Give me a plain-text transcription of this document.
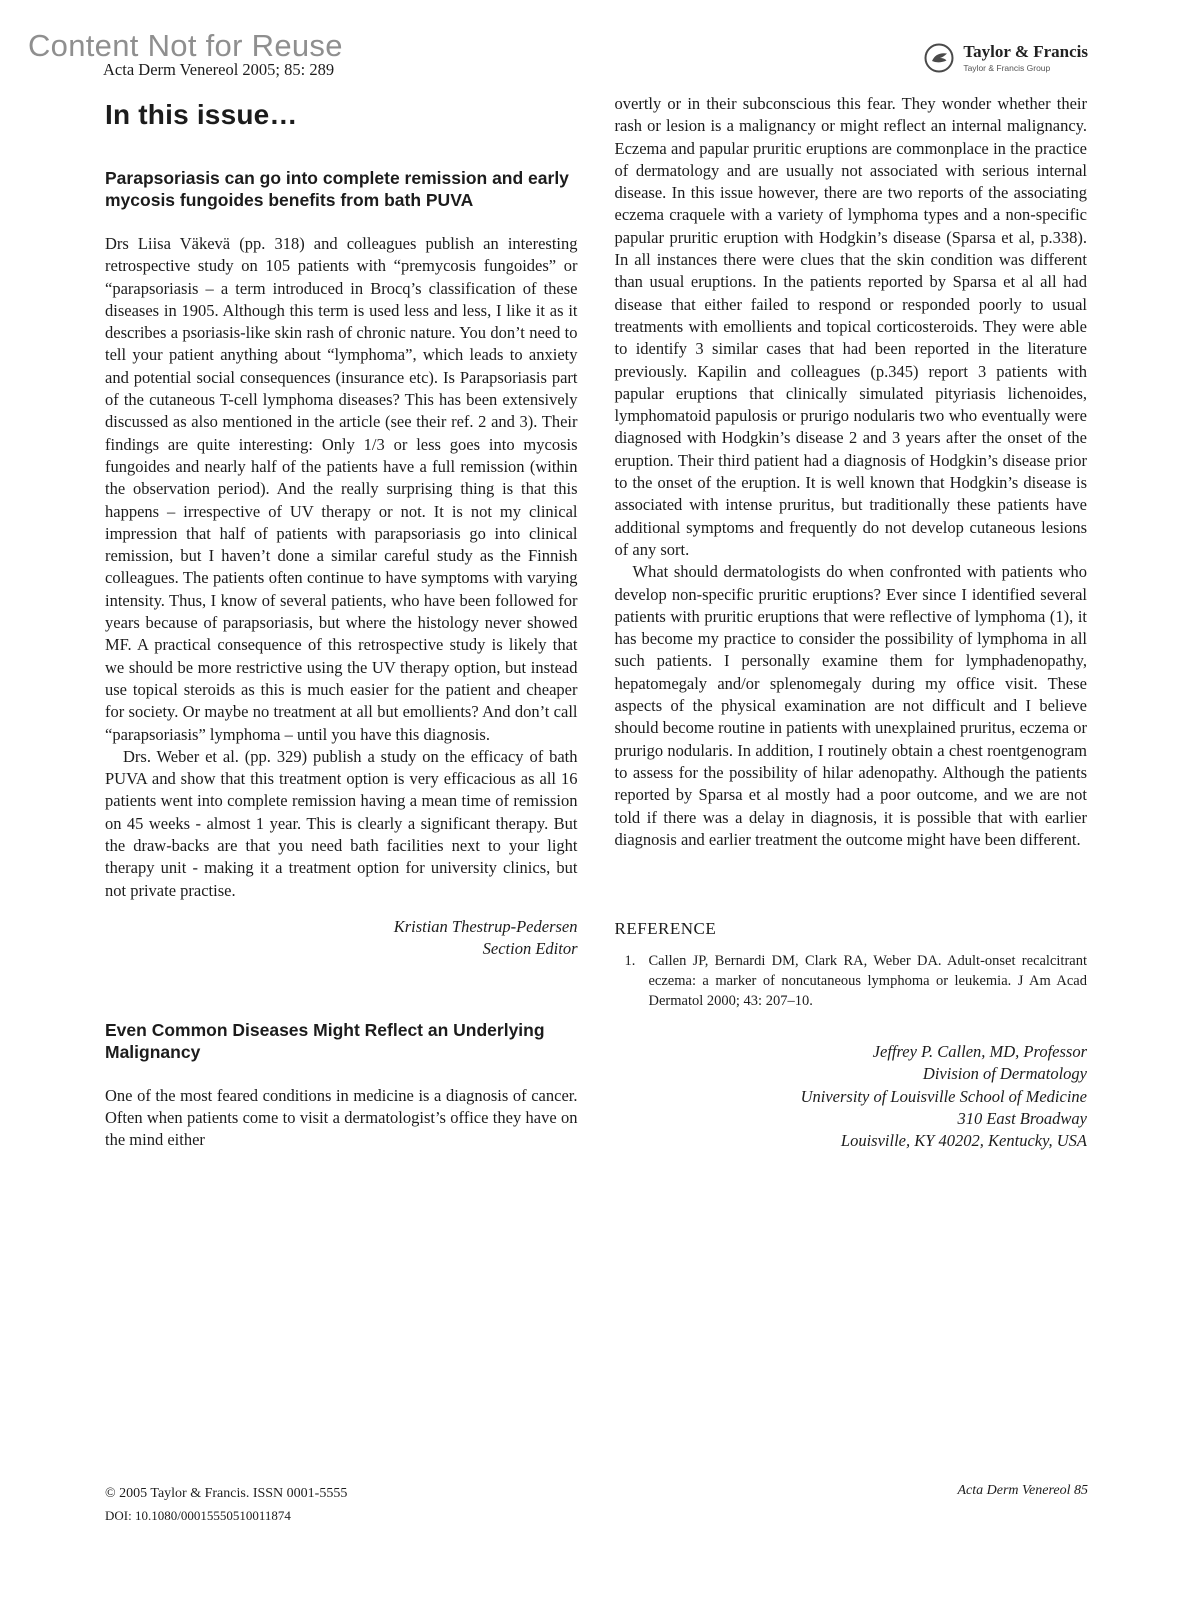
Content Not for Reuse
Acta Derm Venereol 2005; 85: 289
Taylor & Francis
Taylor & Francis Group
In this issue…
Parapsoriasis can go into complete remission and early mycosis fungoides benefits from bath PUVA

Drs Liisa Väkevä (pp. 318) and colleagues publish an interesting retrospective study on 105 patients with “premycosis fungoides” or “parapsoriasis – a term introduced in Brocq’s classification of these diseases in 1905. Although this term is used less and less, I like it as it describes a psoriasis-like skin rash of chronic nature. You don’t need to tell your patient anything about “lymphoma”, which leads to anxiety and potential social consequences (insurance etc). Is Parapsoriasis part of the cutaneous T-cell lymphoma diseases? This has been extensively discussed as also mentioned in the article (see their ref. 2 and 3). Their findings are quite interesting: Only 1/3 or less goes into mycosis fungoides and nearly half of the patients have a full remission (within the observation period). And the really surprising thing is that this happens – irrespective of UV therapy or not. It is not my clinical impression that half of patients with parapsoriasis go into clinical remission, but I haven’t done a similar careful study as the Finnish colleagues. The patients often continue to have symptoms with varying intensity. Thus, I know of several patients, who have been followed for years because of parapsoriasis, but where the histology never showed MF. A practical consequence of this retrospective study is likely that we should be more restrictive using the UV therapy option, but instead use topical steroids as this is much easier for the patient and cheaper for society. Or maybe no treatment at all but emollients? And don’t call “parapsoriasis” lymphoma – until you have this diagnosis.

Drs. Weber et al. (pp. 329) publish a study on the efficacy of bath PUVA and show that this treatment option is very efficacious as all 16 patients went into complete remission having a mean time of remission on 45 weeks - almost 1 year. This is clearly a significant therapy. But the draw-backs are that you need bath facilities next to your light therapy unit - making it a treatment option for university clinics, but not private practise.

Kristian Thestrup-Pedersen
Section Editor
Even Common Diseases Might Reflect an Underlying Malignancy

One of the most feared conditions in medicine is a diagnosis of cancer. Often when patients come to visit a dermatologist’s office they have on the mind either

overtly or in their subconscious this fear. They wonder whether their rash or lesion is a malignancy or might reflect an internal malignancy. Eczema and papular pruritic eruptions are commonplace in the practice of dermatology and are usually not associated with serious internal disease. In this issue however, there are two reports of the associating eczema craquele with a variety of lymphoma types and a non-specific papular pruritic eruption with Hodgkin’s disease (Sparsa et al, p.338). In all instances there were clues that the skin condition was different than usual eruptions. In the patients reported by Sparsa et al all had disease that either failed to respond or responded poorly to usual treatments with emollients and topical corticosteroids. They were able to identify 3 similar cases that had been reported in the literature previously. Kapilin and colleagues (p.345) report 3 patients with papular eruptions that clinically simulated pityriasis lichenoides, lymphomatoid papulosis or prurigo nodularis two who eventually were diagnosed with Hodgkin’s disease 2 and 3 years after the onset of the eruption. Their third patient had a diagnosis of Hodgkin’s disease prior to the onset of the eruption. It is well known that Hodgkin’s disease is associated with intense pruritus, but traditionally these patients have additional symptoms and frequently do not develop cutaneous lesions of any sort.

What should dermatologists do when confronted with patients who develop non-specific pruritic eruptions? Ever since I identified several patients with pruritic eruptions that were reflective of lymphoma (1), it has become my practice to consider the possibility of lymphoma in all such patients. I personally examine them for lymphadenopathy, hepatomegaly and/or splenomegaly during my office visit. These aspects of the physical examination are not difficult and I believe should become routine in patients with unexplained pruritus, eczema or prurigo nodularis. In addition, I routinely obtain a chest roentgenogram to assess for the possibility of hilar adenopathy. Although the patients reported by Sparsa et al mostly had a poor outcome, and we are not told if there was a delay in diagnosis, it is possible that with earlier diagnosis and earlier treatment the outcome might have been different.

REFERENCE
1. Callen JP, Bernardi DM, Clark RA, Weber DA. Adult-onset recalcitrant eczema: a marker of noncutaneous lymphoma or leukemia. J Am Acad Dermatol 2000; 43: 207–10.
Jeffrey P. Callen, MD, Professor
Division of Dermatology
University of Louisville School of Medicine
310 East Broadway
Louisville, KY 40202, Kentucky, USA
© 2005 Taylor & Francis. ISSN 0001-5555
DOI: 10.1080/00015550510011874
Acta Derm Venereol 85
